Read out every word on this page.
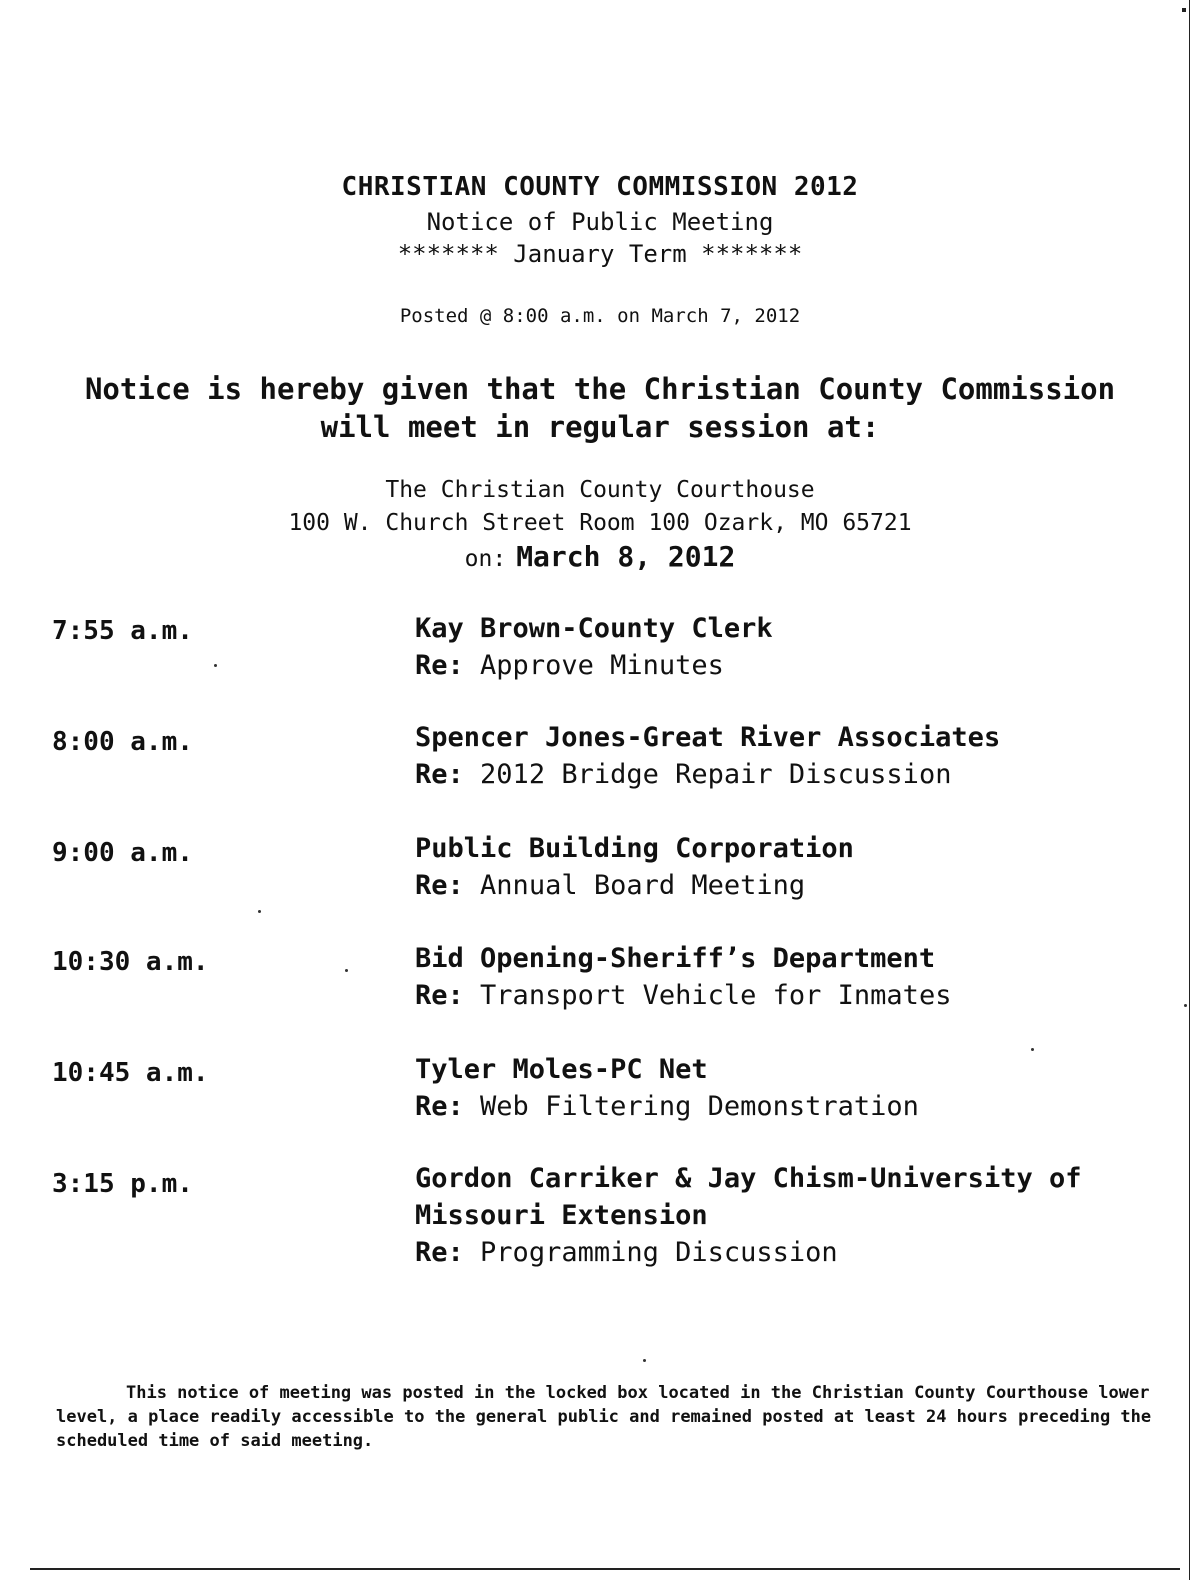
CHRISTIAN COUNTY COMMISSION 2012
Notice of Public Meeting
******* January Term *******
Posted @ 8:00 a.m. on March 7, 2012
Notice is hereby given that the Christian County Commission
will meet in regular session at:
The Christian County Courthouse
100 W. Church Street Room 100 Ozark, MO 65721
on: March 8, 2012
7:55 a.m.	Kay Brown-County Clerk
Re: Approve Minutes
8:00 a.m.	Spencer Jones-Great River Associates
Re: 2012 Bridge Repair Discussion
9:00 a.m.	Public Building Corporation
Re: Annual Board Meeting
10:30 a.m.	Bid Opening-Sheriff’s Department
Re: Transport Vehicle for Inmates
10:45 a.m.	Tyler Moles-PC Net
Re: Web Filtering Demonstration
3:15 p.m.	Gordon Carriker & Jay Chism-University of Missouri Extension
Re: Programming Discussion
This notice of meeting was posted in the locked box located in the Christian County Courthouse lower level, a place readily accessible to the general public and remained posted at least 24 hours preceding the scheduled time of said meeting.
